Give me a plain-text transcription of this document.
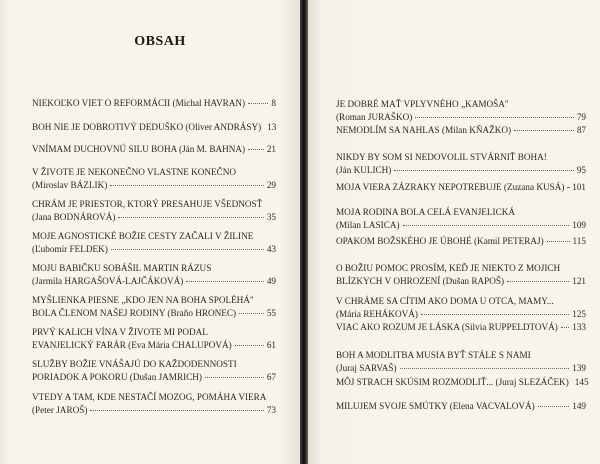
OBSAH
NIEKOĽKO VIET O REFORMÁCII (Michal HAVRAN)	8
BOH NIE JE DOBROTIVÝ DEDUŠKO (Oliver ANDRÁSY) 13
VNÍMAM DUCHOVNÚ SILU BOHA (Ján M. BAHNA) 21
V ŽIVOTE JE NEKONEČNO VLASTNE KONEČNO
(Miroslav BÁZLIK)	29
CHRÁM JE PRIESTOR, KTORÝ PRESAHUJE VŠEDNOSŤ
(Jana BODNÁROVÁ)	35
MOJE AGNOSTICKÉ BOŽIE CESTY ZAČALI V ŽILINE
(Ľubomír FELDEK)	43
MOJU BABIČKU SOBÁŠIL MARTIN RÁZUS
(Jarmila HARGAŠOVÁ-LAJČÁKOVÁ)	49
MYŠLIENKA PIESNE „KDO JEN NA BOHA SPOLÉHÁ"
BOLA ČLENOM NAŠEJ RODINY (Braňo HRONEC)	55
PRVÝ KALICH VÍNA V ŽIVOTE MI PODAL
EVANJELICKÝ FARÁR (Eva Mária CHALUPOVÁ)	61
SLUŽBY BOŽIE VNÁŠAJÚ DO KAŽDODENNOSTI
PORIADOK A POKORU (Dušan JAMRICH)	67
VTEDY A TAM, KDE NESTAČÍ MOZOG, POMÁHA VIERA
(Peter JAROŠ)	73
JE DOBRÉ MAŤ VPLYVNÉHO „KAMOŠA"
(Roman JURAŠKO)	79
NEMODLÍM SA NAHLAS (Milan KŇAŽKO)	87
NIKDY BY SOM SI NEDOVOLIL STVÁRNIŤ BOHA!
(Ján KULICH)	95
MOJA VIERA ZÁZRAKY NEPOTREBUJE (Zuzana KUSÁ) 101
MOJA RODINA BOLA CELÁ EVANJELICKÁ
(Milan LASICA)	109
OPAKOM BOŽSKÉHO JE ÚBOHÉ (Kamil PETERAJ)	115
O BOŽIU POMOC PROSÍM, KEĎ JE NIEKTO Z MOJICH
BLÍZKYCH V OHROZENÍ (Dušan RAPOŠ)	121
V CHRÁME SA CÍTIM AKO DOMA U OTCA, MAMY...
(Mária REHÁKOVÁ)	125
VIAC AKO ROZUM JE LÁSKA (Silvia RUPPELDTOVÁ) 133
BOH A MODLITBA MUSIA BYŤ STÁLE S NAMI
(Juraj SARVAŠ)	139
MÔJ STRACH SKÚSIM ROZMODLIŤ... (Juraj SLEZÁČEK) 145
MILUJEM SVOJE SMÚTKY (Elena VACVALOVÁ)	149
